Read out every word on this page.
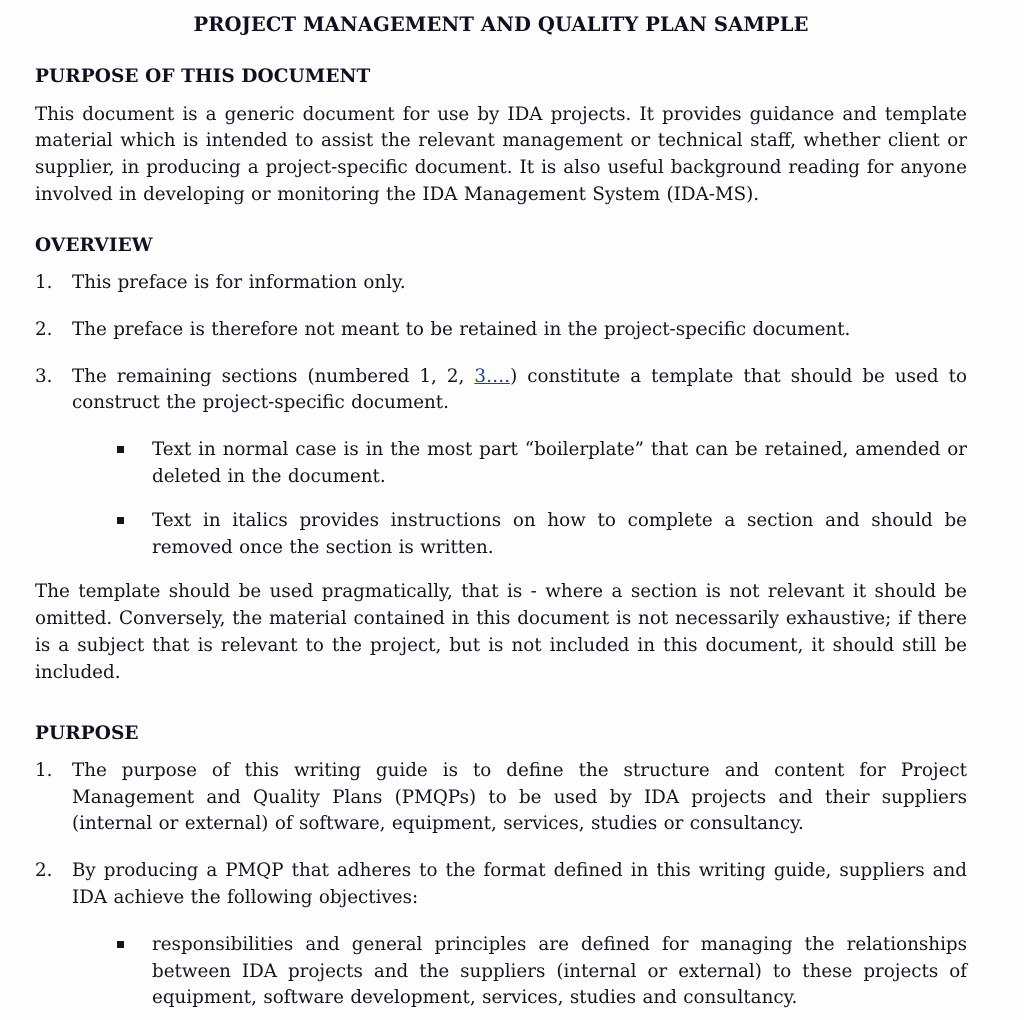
PROJECT MANAGEMENT AND QUALITY PLAN SAMPLE
PURPOSE OF THIS DOCUMENT

This document is a generic document for use by IDA projects. It provides guidance and template material which is intended to assist the relevant management or technical staff, whether client or supplier, in producing a project-specific document. It is also useful background reading for anyone involved in developing or monitoring the IDA Management System (IDA-MS).

OVERVIEW
1. This preface is for information only.
2. The preface is therefore not meant to be retained in the project-specific document.
3. The remaining sections (numbered 1, 2, 3….) constitute a template that should be used to construct the project-specific document.
Text in normal case is in the most part “boilerplate” that can be retained, amended or deleted in the document.
Text in italics provides instructions on how to complete a section and should be removed once the section is written.

The template should be used pragmatically, that is - where a section is not relevant it should be omitted. Conversely, the material contained in this document is not necessarily exhaustive; if there is a subject that is relevant to the project, but is not included in this document, it should still be included.

PURPOSE
1. The purpose of this writing guide is to define the structure and content for Project Management and Quality Plans (PMQPs) to be used by IDA projects and their suppliers (internal or external) of software, equipment, services, studies or consultancy.
2. By producing a PMQP that adheres to the format defined in this writing guide, suppliers and IDA achieve the following objectives:
responsibilities and general principles are defined for managing the relationships between IDA projects and the suppliers (internal or external) to these projects of equipment, software development, services, studies and consultancy.
